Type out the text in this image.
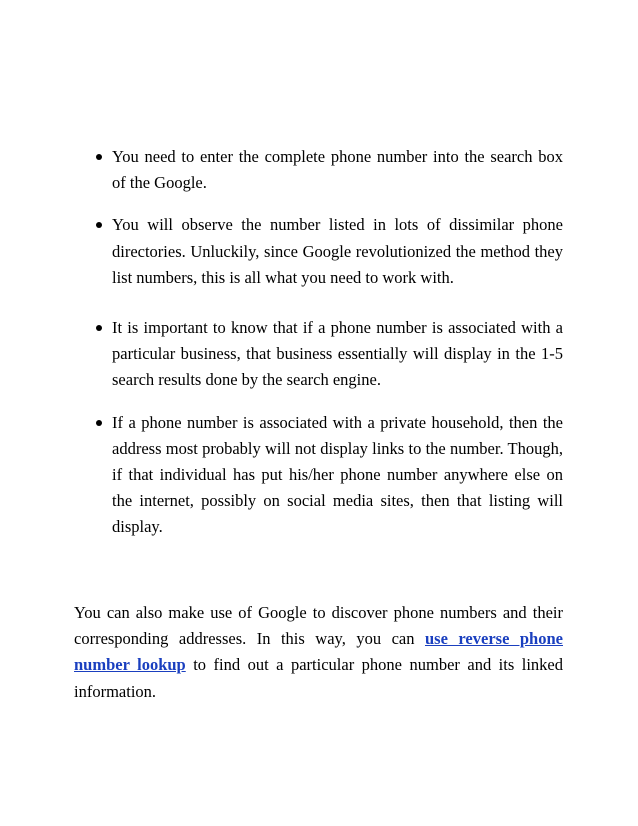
You need to enter the complete phone number into the search box of the Google.
You will observe the number listed in lots of dissimilar phone directories. Unluckily, since Google revolutionized the method they list numbers, this is all what you need to work with.
It is important to know that if a phone number is associated with a particular business, that business essentially will display in the 1-5 search results done by the search engine.
If a phone number is associated with a private household, then the address most probably will not display links to the number. Though, if that individual has put his/her phone number anywhere else on the internet, possibly on social media sites, then that listing will display.

You can also make use of Google to discover phone numbers and their corresponding addresses. In this way, you can use reverse phone number lookup to find out a particular phone number and its linked information.
